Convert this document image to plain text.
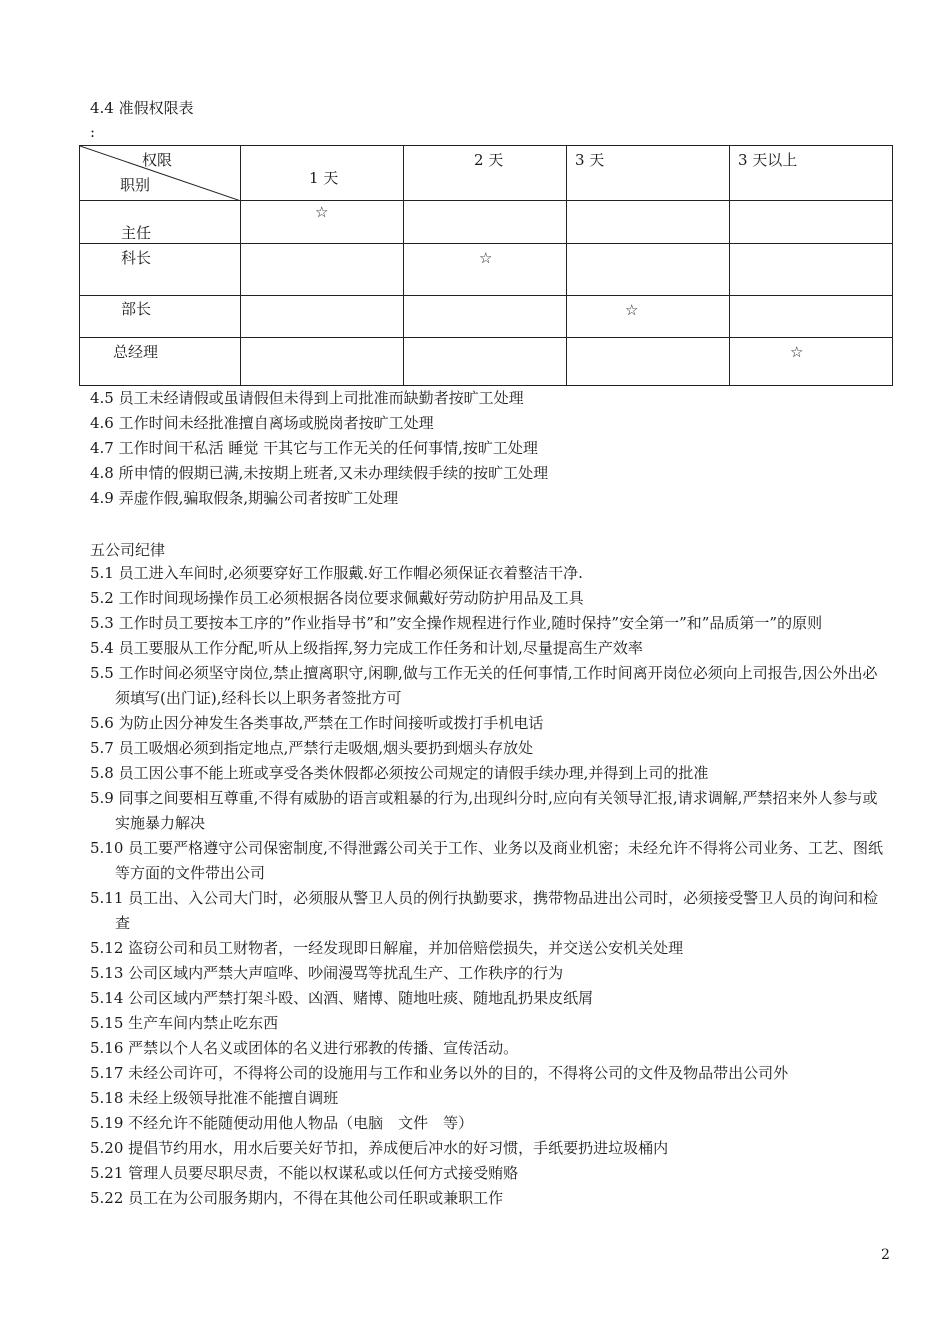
4.4 准假权限表
:
权限
职别	1 天	2 天	3 天	3 天以上

主任	☆			

科长		☆		

部长			☆	

总经理				☆
4.5 员工未经请假或虽请假但未得到上司批准而缺勤者按旷工处理
4.6 工作时间未经批准擅自离场或脱岗者按旷工处理
4.7 工作时间干私活 睡觉 干其它与工作无关的任何事情,按旷工处理
4.8 所申情的假期已满,未按期上班者,又未办理续假手续的按旷工处理
4.9 弄虚作假,骗取假条,期骗公司者按旷工处理
五公司纪律
5.1 员工进入车间时,必须要穿好工作服戴.好工作帽必须保证衣着整洁干净.
5.2 工作时间现场操作员工必须根据各岗位要求佩戴好劳动防护用品及工具
5.3 工作时员工要按本工序的”作业指导书”和”安全操作规程进行作业,随时保持”安全第一”和”品质第一”的原则
5.4 员工要服从工作分配,听从上级指挥,努力完成工作任务和计划,尽量提高生产效率
5.5 工作时间必须坚守岗位,禁止擅离职守,闲聊,做与工作无关的任何事情,工作时间离开岗位必须向上司报告,因公外出必须填写(出门证),经科长以上职务者签批方可
5.6 为防止因分神发生各类事故,严禁在工作时间接听或拨打手机电话
5.7 员工吸烟必须到指定地点,严禁行走吸烟,烟头要扔到烟头存放处
5.8 员工因公事不能上班或享受各类休假都必须按公司规定的请假手续办理,并得到上司的批准
5.9 同事之间要相互尊重,不得有威胁的语言或粗暴的行为,出现纠分时,应向有关领导汇报,请求调解,严禁招来外人参与或实施暴力解决
5.10 员工要严格遵守公司保密制度,不得泄露公司关于工作、业务以及商业机密；未经允许不得将公司业务、工艺、图纸等方面的文件带出公司
5.11 员工出、入公司大门时，必须服从警卫人员的例行执勤要求，携带物品进出公司时，必须接受警卫人员的询问和检查
5.12 盗窃公司和员工财物者，一经发现即日解雇，并加倍赔偿损失，并交送公安机关处理
5.13 公司区域内严禁大声喧哗、吵闹漫骂等扰乱生产、工作秩序的行为
5.14 公司区域内严禁打架斗殴、凶酒、赌博、随地吐痰、随地乱扔果皮纸屑
5.15 生产车间内禁止吃东西
5.16 严禁以个人名义或团体的名义进行邪教的传播、宣传活动。
5.17 未经公司许可，不得将公司的设施用与工作和业务以外的目的，不得将公司的文件及物品带出公司外
5.18 未经上级领导批准不能擅自调班
5.19 不经允许不能随便动用他人物品（电脑　文件　等）
5.20 提倡节约用水，用水后要关好节扣，养成便后冲水的好习惯，手纸要扔进垃圾桶内
5.21 管理人员要尽职尽责，不能以权谋私或以任何方式接受贿赂
5.22 员工在为公司服务期内，不得在其他公司任职或兼职工作
2
